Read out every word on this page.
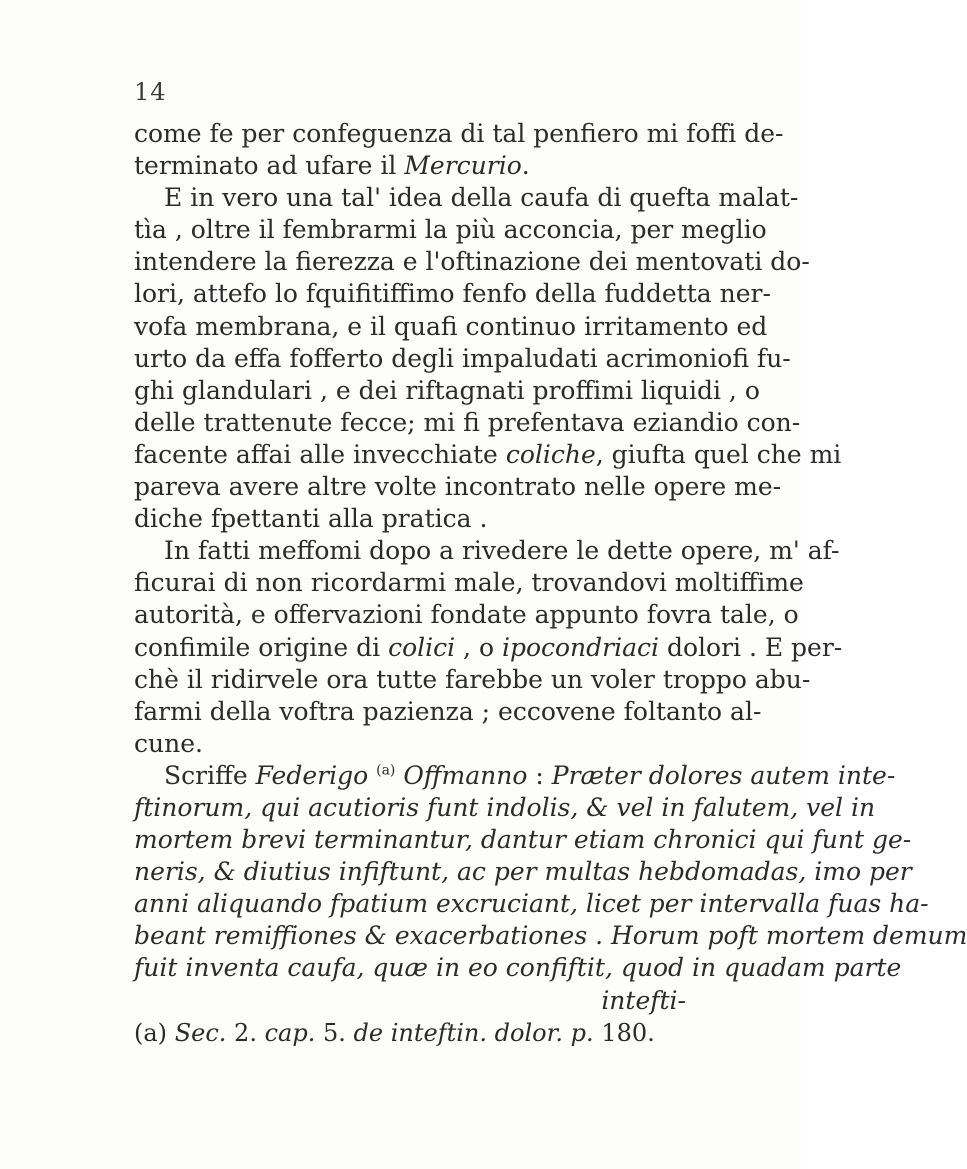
14
come fe per confeguenza di tal penfiero mi foffi de-
terminato ad ufare il Mercurio.
E in vero una tal' idea della caufa di quefta malat-
tìa , oltre il fembrarmi la più acconcia, per meglio
intendere la fierezza e l'oftinazione dei mentovati do-
lori, attefo lo fquifitiffimo fenfo della fuddetta ner-
vofa membrana, e il quafi continuo irritamento ed
urto da effa fofferto degli impaludati acrimoniofi fu-
ghi glandulari , e dei riftagnati proffimi liquidi , o
delle trattenute fecce; mi fi prefentava eziandio con-
facente affai alle invecchiate coliche, giufta quel che mi
pareva avere altre volte incontrato nelle opere me-
diche fpettanti alla pratica .
In fatti meffomi dopo a rivedere le dette opere, m' af-
ficurai di non ricordarmi male, trovandovi moltiffime
autorità, e offervazioni fondate appunto fovra tale, o
confimile origine di colici , o ipocondriaci dolori . E per-
chè il ridirvele ora tutte farebbe un voler troppo abu-
farmi della voftra pazienza ; eccovene foltanto al-
cune.
Scriffe Federigo $^{(a)}$ Offmanno : Præter dolores autem inte-
ftinorum, qui acutioris funt indolis, & vel in falutem, vel in
mortem brevi terminantur, dantur etiam chronici qui funt ge-
neris, & diutius infiftunt, ac per multas hebdomadas, imo per
anni aliquando fpatium excruciant, licet per intervalla fuas ha-
beant remiffiones & exacerbationes . Horum poft mortem demum
fuit inventa caufa, quæ in eo confiftit, quod in quadam parte
intefti-
(a) Sec. 2. cap. 5. de inteftin. dolor. p. 180.
